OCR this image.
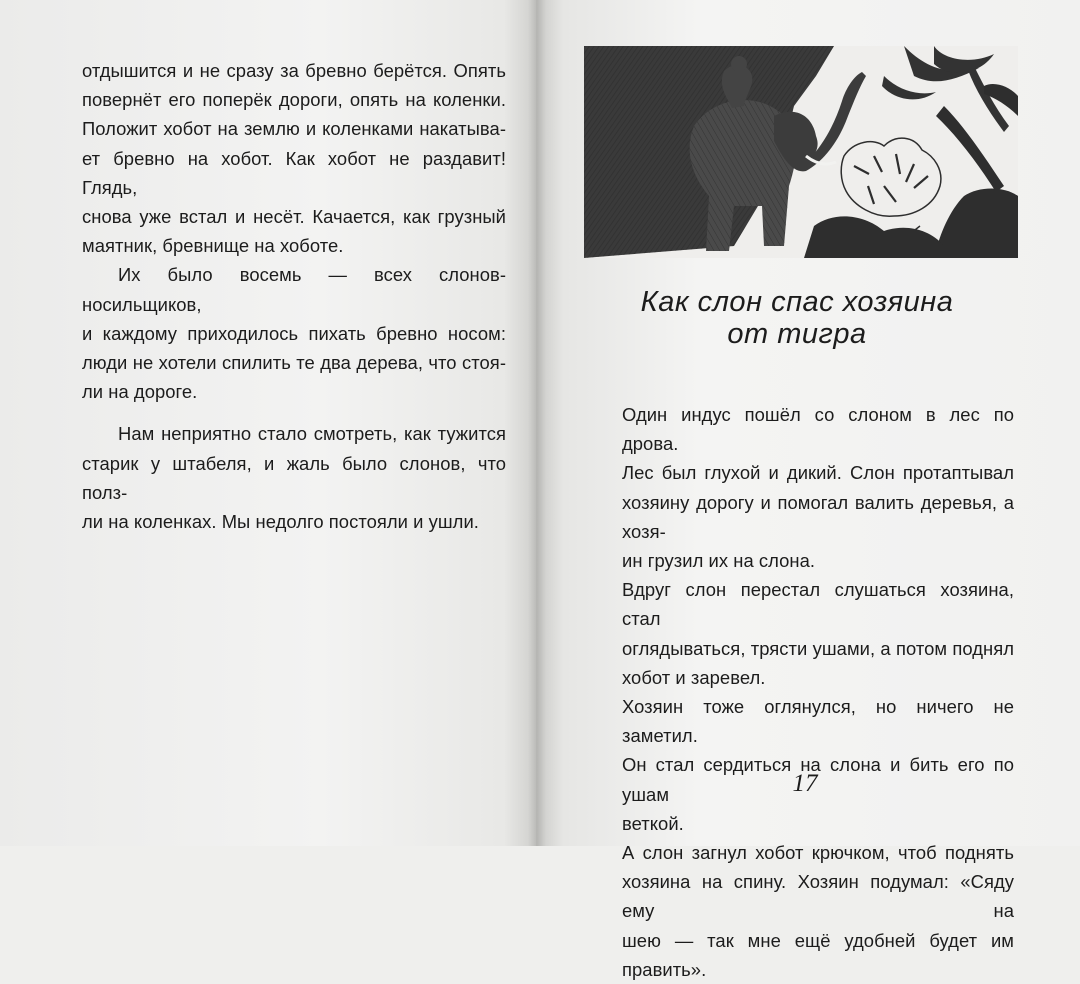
отдышится и не сразу за бревно берётся. Опять
повернёт его поперёк дороги, опять на коленки.
Положит хобот на землю и коленками накатыва-
ет бревно на хобот. Как хобот не раздавит! Глядь,
снова уже встал и несёт. Качается, как грузный
маятник, бревнище на хоботе.

Их было восемь — всех слонов-носильщиков,
и каждому приходилось пихать бревно носом:
люди не хотели спилить те два дерева, что стоя-
ли на дороге.

Нам неприятно стало смотреть, как тужится
старик у штабеля, и жаль было слонов, что полз-
ли на коленках. Мы недолго постояли и ушли.

Как слон спас хозяина
от тигра

Один индус пошёл со слоном в лес по дрова.
Лес был глухой и дикий. Слон протаптывал
хозяину дорогу и помогал валить деревья, а хозя-
ин грузил их на слона.

Вдруг слон перестал слушаться хозяина, стал
оглядываться, трясти ушами, а потом поднял
хобот и заревел.

Хозяин тоже оглянулся, но ничего не заметил.
Он стал сердиться на слона и бить его по ушам
веткой.

А слон загнул хобот крючком, чтоб поднять
хозяина на спину. Хозяин подумал: «Сяду ему на
шею — так мне ещё удобней будет им править».

17
